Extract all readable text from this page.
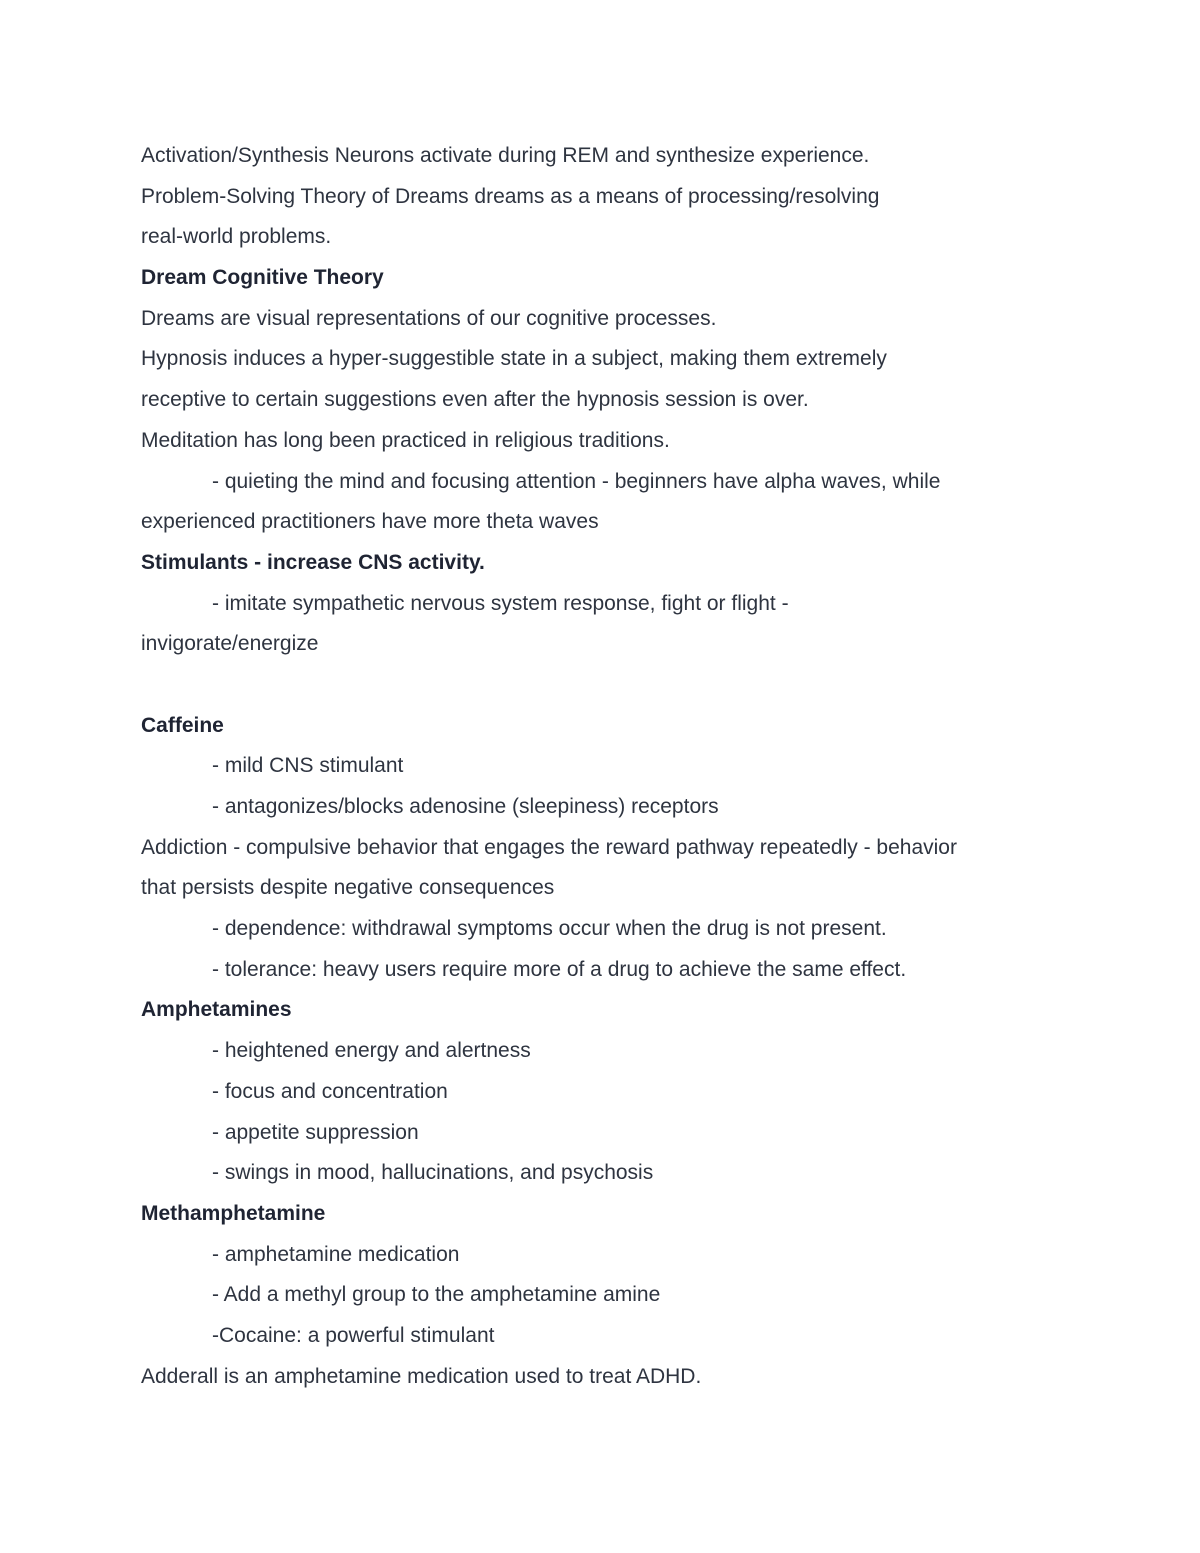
Activation/Synthesis Neurons activate during REM and synthesize experience.
Problem-Solving Theory of Dreams dreams as a means of processing/resolving
real-world problems.
Dream Cognitive Theory
Dreams are visual representations of our cognitive processes.
Hypnosis induces a hyper-suggestible state in a subject, making them extremely
receptive to certain suggestions even after the hypnosis session is over.
Meditation has long been practiced in religious traditions.
- quieting the mind and focusing attention - beginners have alpha waves, while
experienced practitioners have more theta waves
Stimulants - increase CNS activity.
- imitate sympathetic nervous system response, fight or flight -
invigorate/energize
Caffeine
- mild CNS stimulant
- antagonizes/blocks adenosine (sleepiness) receptors
Addiction - compulsive behavior that engages the reward pathway repeatedly - behavior
that persists despite negative consequences
- dependence: withdrawal symptoms occur when the drug is not present.
- tolerance: heavy users require more of a drug to achieve the same effect.
Amphetamines
- heightened energy and alertness
- focus and concentration
- appetite suppression
- swings in mood, hallucinations, and psychosis
Methamphetamine
- amphetamine medication
- Add a methyl group to the amphetamine amine
-Cocaine: a powerful stimulant
Adderall is an amphetamine medication used to treat ADHD.
